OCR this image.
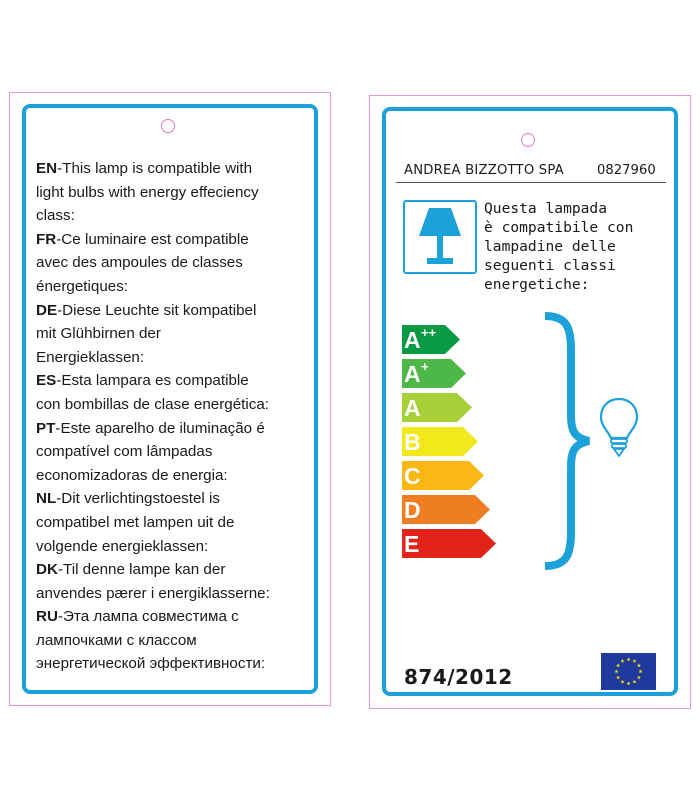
EN-This lamp is compatible with
light bulbs with energy effeciency
class:
FR-Ce luminaire est compatible
avec des ampoules de classes
énergetiques:
DE-Diese Leuchte sit kompatibel
mit Glühbirnen der
Energieklassen:
ES-Esta lampara es compatible
con bombillas de clase energética:
PT-Este aparelho de iluminação é
compatível com lâmpadas
economizadoras de energia:
NL-Dit verlichtingstoestel is
compatibel met lampen uit de
volgende energieklassen:
DK-Til denne lampe kan der
anvendes pærer i energiklasserne:
RU-Эта лампа совместима с
лампочками с классом
энергетической эффективности:
ANDREA BIZZOTTO SPA	0827960
Questa lampada
è compatibile con
lampadine delle
seguenti classi
energetiche:
A ++
A +
A
B
C
D
E
874/2012
